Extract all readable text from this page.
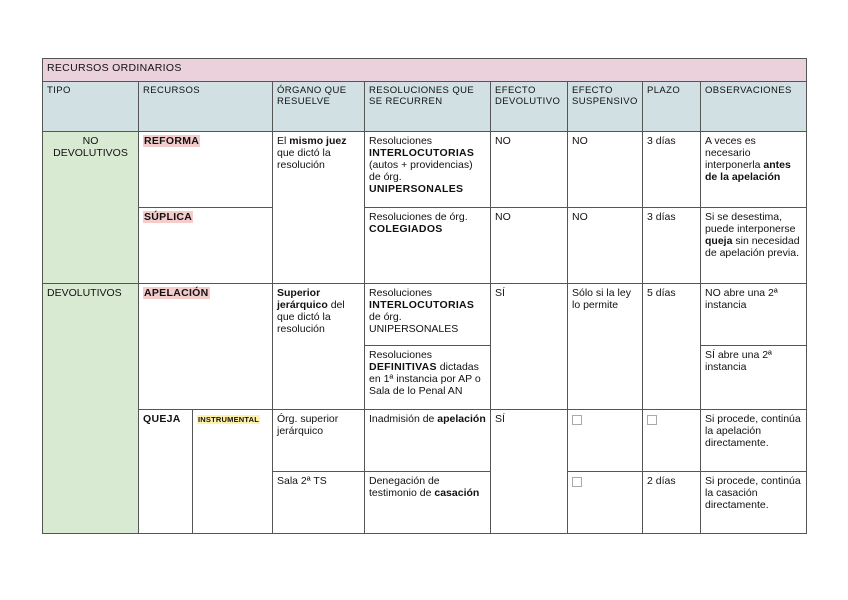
RECURSOS ORDINARIOS								
TIPO	RECURSOS		ÓRGANO QUE RESUELVE	RESOLUCIONES QUE SE RECURREN	EFECTO DEVOLUTIVO	EFECTO SUSPENSIVO	PLAZO	OBSERVACIONES
NO DEVOLUTIVOS	REFORMA		El mismo juez que dictó la resolución	Resoluciones INTERLOCUTORIAS (autos + providencias) de órg. UNIPERSONALES	NO	NO	3 días	A veces es necesario interponerla antes de la apelación
	SÚPLICA			Resoluciones de órg. COLEGIADOS	NO	NO	3 días	Si se desestima, puede interponerse queja sin necesidad de apelación previa.
DEVOLUTIVOS	APELACIÓN		Superior jerárquico del que dictó la resolución	Resoluciones INTERLOCUTORIAS de órg. UNIPERSONALES	SÍ	Sólo si la ley lo permite	5 días	NO abre una 2ª instancia
				Resoluciones DEFINITIVAS dictadas en 1ª instancia por AP o Sala de lo Penal AN				SÍ abre una 2ª instancia
	QUEJA	INSTRUMENTAL	Órg. superior jerárquico	Inadmisión de apelación	SÍ			Si procede, continúa la apelación directamente.
			Sala 2ª TS	Denegación de testimonio de casación			2 días	Si procede, continúa la casación directamente.
